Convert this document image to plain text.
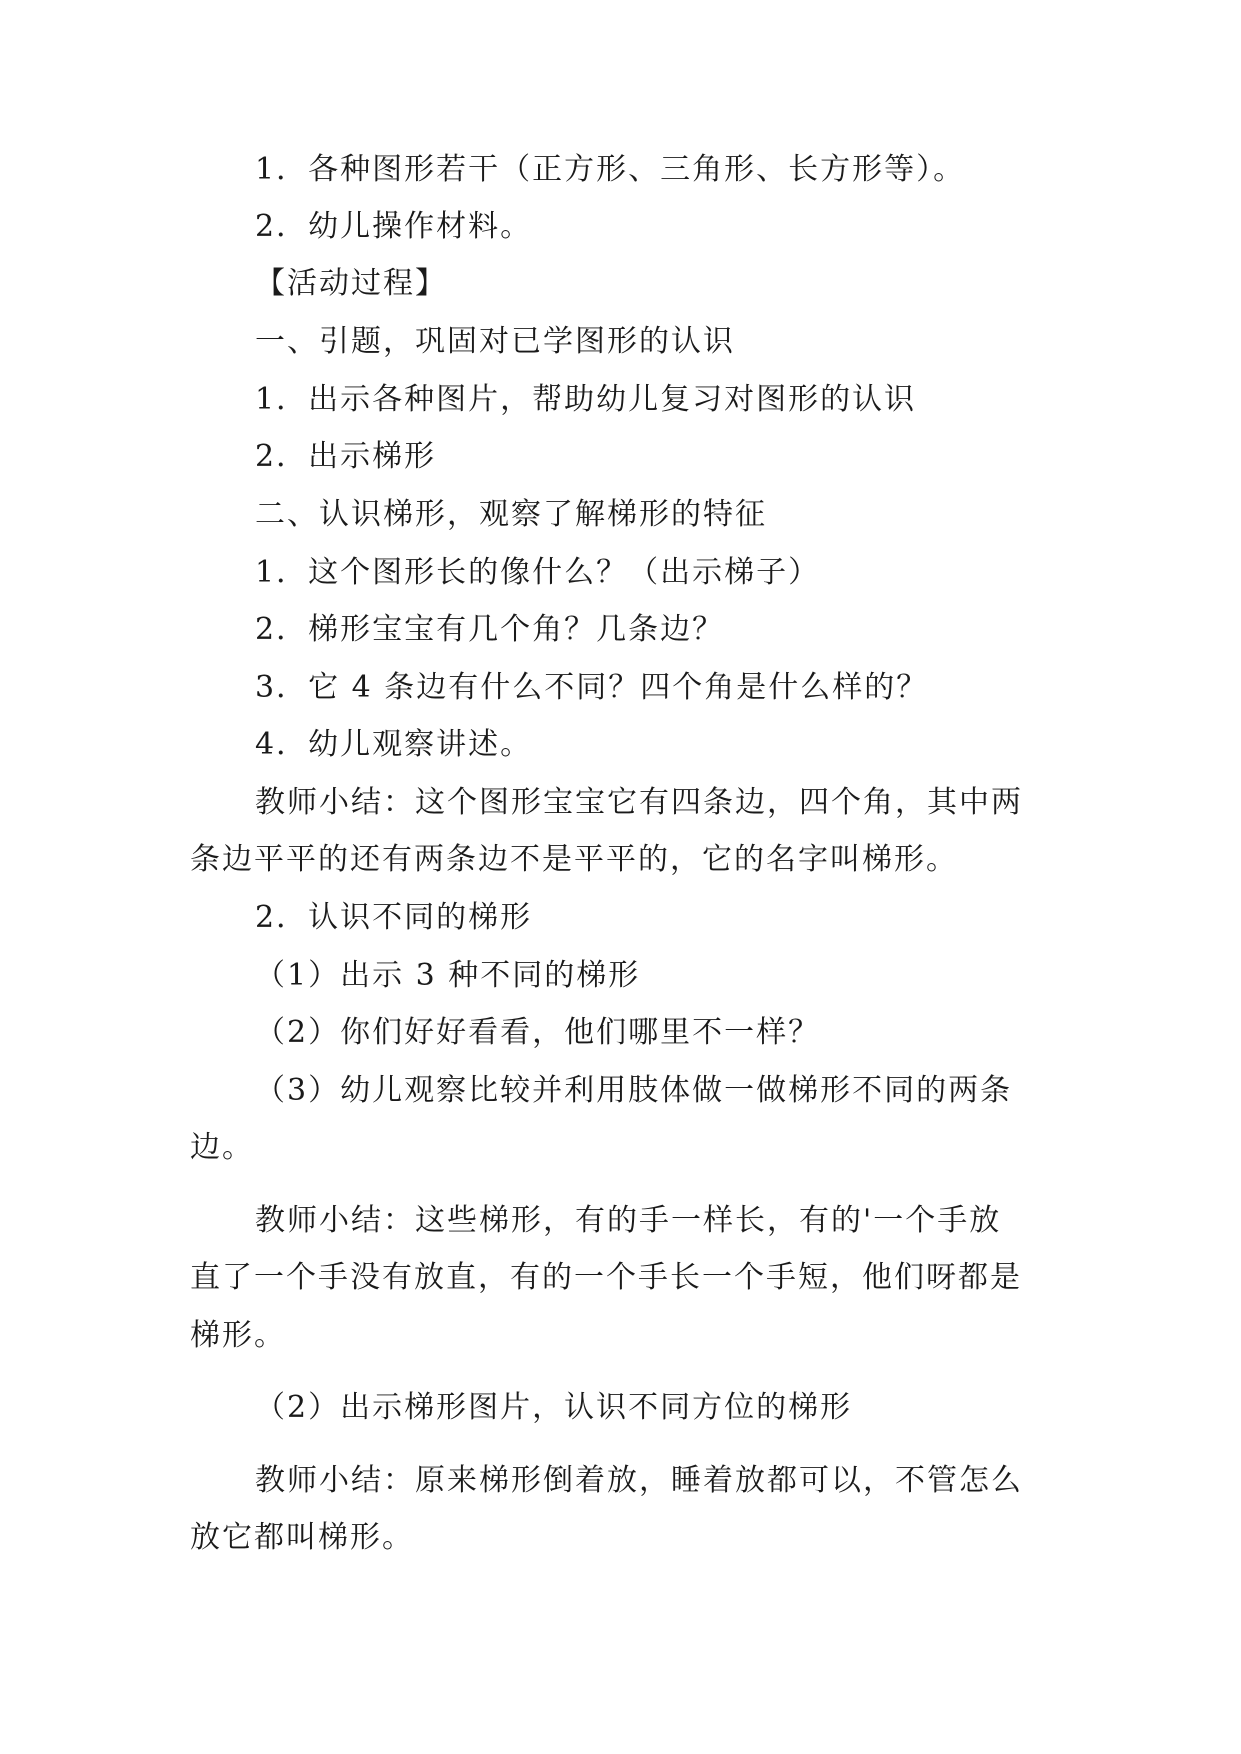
1．各种图形若干（正方形、三角形、长方形等）。
2．幼儿操作材料。
【活动过程】
一、引题，巩固对已学图形的认识
1．出示各种图片，帮助幼儿复习对图形的认识
2．出示梯形
二、认识梯形，观察了解梯形的特征
1．这个图形长的像什么？（出示梯子）
2．梯形宝宝有几个角？几条边？
3．它 4 条边有什么不同？四个角是什么样的？
4．幼儿观察讲述。
教师小结：这个图形宝宝它有四条边，四个角，其中两
条边平平的还有两条边不是平平的，它的名字叫梯形。
2．认识不同的梯形
（1）出示 3 种不同的梯形
（2）你们好好看看，他们哪里不一样？
（3）幼儿观察比较并利用肢体做一做梯形不同的两条
边。
教师小结：这些梯形，有的手一样长，有的'一个手放
直了一个手没有放直，有的一个手长一个手短，他们呀都是
梯形。
（2）出示梯形图片，认识不同方位的梯形
教师小结：原来梯形倒着放，睡着放都可以，不管怎么
放它都叫梯形。
